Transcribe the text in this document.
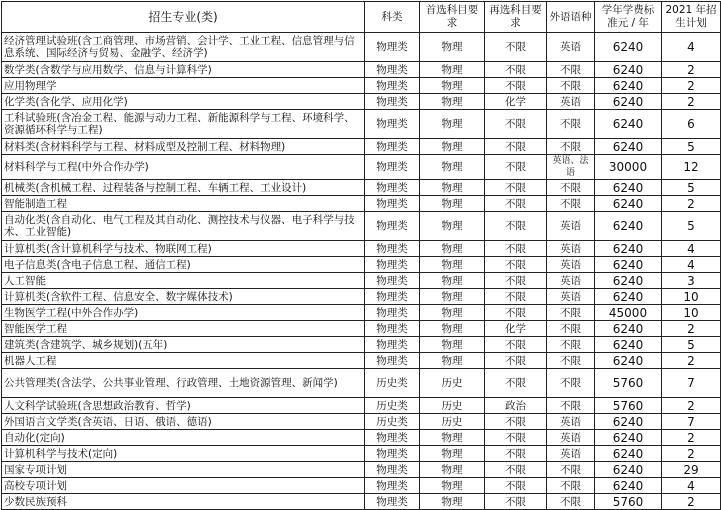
招生专业(类)	科类	首选科目要求	再选科目要求	外语语种	学年学费标准元 / 年	2021 年招生计划
经济管理试验班(含工商管理、市场营销、会计学、工业工程、信息管理与信息系统、国际经济与贸易、金融学、经济学)	物理类	物理	不限	英语	6240	4
数学类(含数学与应用数学、信息与计算科学)	物理类	物理	不限	不限	6240	2
应用物理学	物理类	物理	不限	不限	6240	2
化学类(含化学、应用化学)	物理类	物理	化学	英语	6240	2
工科试验班(含冶金工程、能源与动力工程、新能源科学与工程、环境科学、资源循环科学与工程)	物理类	物理	不限	不限	6240	6
材料类(含材料科学与工程、材料成型及控制工程、材料物理)	物理类	物理	不限	不限	6240	5
材料科学与工程(中外合作办学)	物理类	物理	不限	英语、法语	30000	12
机械类(含机械工程、过程装备与控制工程、车辆工程、工业设计)	物理类	物理	不限	不限	6240	5
智能制造工程	物理类	物理	不限	不限	6240	2
自动化类(含自动化、电气工程及其自动化、测控技术与仪器、电子科学与技术、工业智能)	物理类	物理	不限	英语	6240	5
计算机类(含计算机科学与技术、物联网工程)	物理类	物理	不限	英语	6240	4
电子信息类(含电子信息工程、通信工程)	物理类	物理	不限	英语	6240	4
人工智能	物理类	物理	不限	英语	6240	3
计算机类(含软件工程、信息安全、数字媒体技术)	物理类	物理	不限	英语	6240	10
生物医学工程(中外合作办学)	物理类	物理	不限	不限	45000	10
智能医学工程	物理类	物理	化学	不限	6240	2
建筑类(含建筑学、城乡规划)(五年)	物理类	物理	不限	不限	6240	5
机器人工程	物理类	物理	不限	不限	6240	2
公共管理类(含法学、公共事业管理、行政管理、土地资源管理、新闻学)	历史类	历史	不限	不限	5760	7
人文科学试验班(含思想政治教育、哲学)	历史类	历史	政治	不限	5760	2
外国语言文学类(含英语、日语、俄语、德语)	历史类	历史	不限	英语	6240	7
自动化(定向)	物理类	物理	不限	英语	6240	2
计算机科学与技术(定向)	物理类	物理	不限	英语	6240	2
国家专项计划	物理类	物理	不限	不限	6240	29
高校专项计划	物理类	物理	不限	不限	6240	4
少数民族预科	物理类	物理	不限	不限	5760	2
